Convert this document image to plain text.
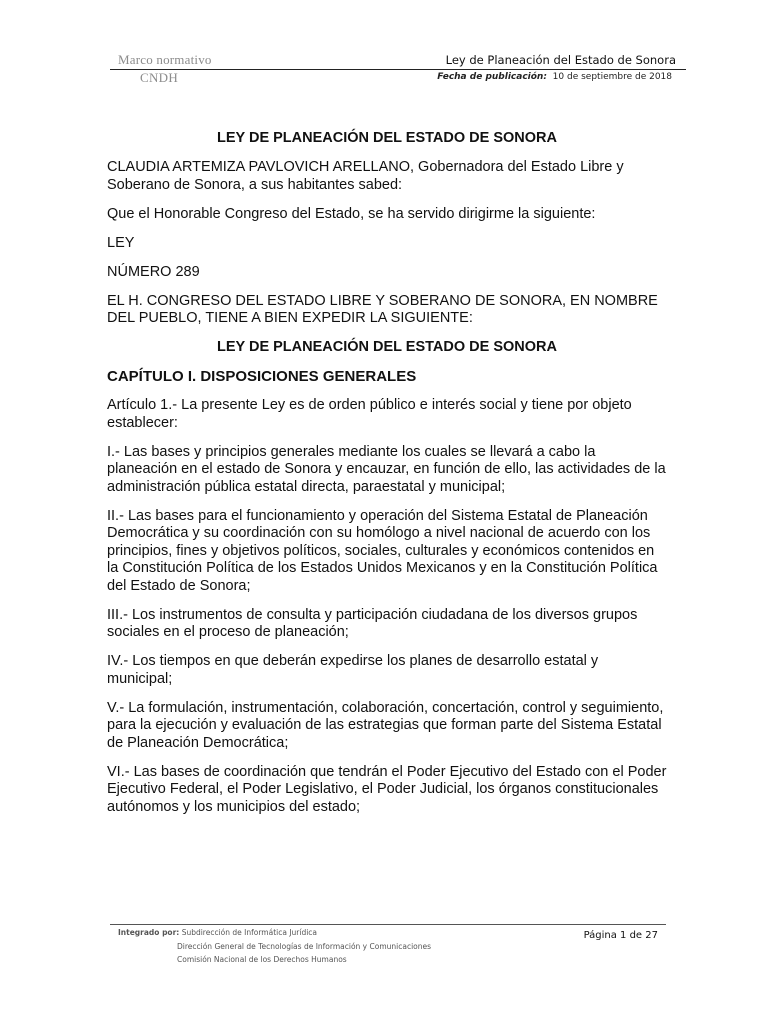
Marco normativo
CNDH
Ley de Planeación del Estado de Sonora
Fecha de publicación: 10 de septiembre de 2018

LEY DE PLANEACIÓN DEL ESTADO DE SONORA

CLAUDIA ARTEMIZA PAVLOVICH ARELLANO, Gobernadora del Estado Libre y Soberano de Sonora, a sus habitantes sabed:

Que el Honorable Congreso del Estado, se ha servido dirigirme la siguiente:

LEY

NÚMERO 289

EL H. CONGRESO DEL ESTADO LIBRE Y SOBERANO DE SONORA, EN NOMBRE DEL PUEBLO, TIENE A BIEN EXPEDIR LA SIGUIENTE:

LEY DE PLANEACIÓN DEL ESTADO DE SONORA

CAPÍTULO I. DISPOSICIONES GENERALES

Artículo 1.- La presente Ley es de orden público e interés social y tiene por objeto establecer:

I.- Las bases y principios generales mediante los cuales se llevará a cabo la planeación en el estado de Sonora y encauzar, en función de ello, las actividades de la administración pública estatal directa, paraestatal y municipal;

II.- Las bases para el funcionamiento y operación del Sistema Estatal de Planeación Democrática y su coordinación con su homólogo a nivel nacional de acuerdo con los principios, fines y objetivos políticos, sociales, culturales y económicos contenidos en la Constitución Política de los Estados Unidos Mexicanos y en la Constitución Política del Estado de Sonora;

III.- Los instrumentos de consulta y participación ciudadana de los diversos grupos sociales en el proceso de planeación;

IV.- Los tiempos en que deberán expedirse los planes de desarrollo estatal y municipal;

V.- La formulación, instrumentación, colaboración, concertación, control y seguimiento, para la ejecución y evaluación de las estrategias que forman parte del Sistema Estatal de Planeación Democrática;

VI.- Las bases de coordinación que tendrán el Poder Ejecutivo del Estado con el Poder Ejecutivo Federal, el Poder Legislativo, el Poder Judicial, los órganos constitucionales autónomos y los municipios del estado;

Integrado por: Subdirección de Informática Jurídica
Dirección General de Tecnologías de Información y Comunicaciones
Comisión Nacional de los Derechos Humanos
Página 1 de 27
